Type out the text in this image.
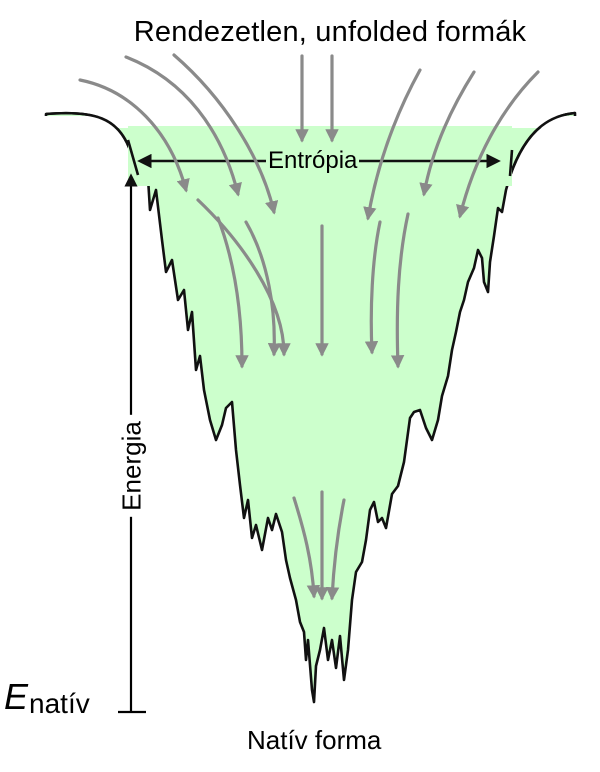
Rendezetlen, unfolded formák
Entrópia
Energia
Enatív
Natív forma
